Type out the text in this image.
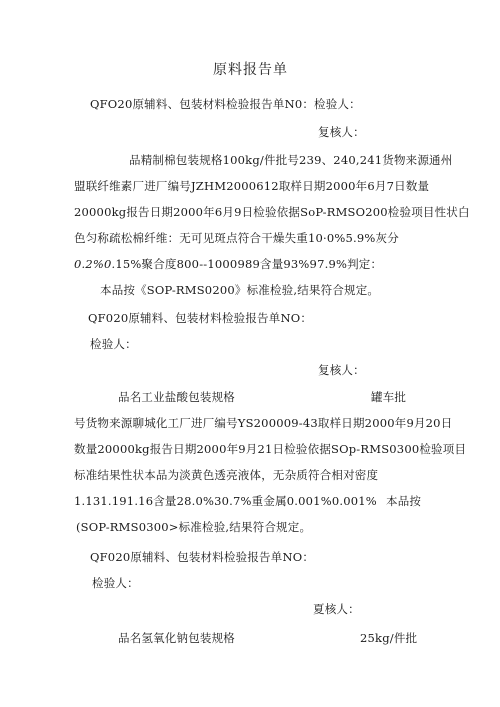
原料报告单
QFO20原辅料、包装材料检验报告单N0：检验人：
复核人：
品精制棉包装规格100kg/件批号239、240,241货物来源通州
盟联纤维素厂进厂编号JZHM2000612取样日期2000年6月7日数量
20000kg报告日期2000年6月9日检验依据SoP-RMSO200检验项目性状白
色匀称疏松棉纤维：无可见斑点符合干燥失重10·0%5.9%灰分
0.2%0.15%聚合度800--1000989含量93%97.9%判定：
本品按《SOP-RMS0200》标准检验,结果符合规定。
QF020原辅料、包装材料检验报告单NO：
检验人：
复核人：
品名工业盐酸包装规格	罐车批
号货物来源聊城化工厂进厂编号YS200009-43取样日期2000年9月20日
数量20000kg报告日期2000年9月21日检验依据SOp-RMS0300检验项目
标准结果性状本品为淡黄色透亮液体，无杂质符合相对密度
1.131.191.16含量28.0%30.7%重金属0.001%0.001% 本品按
(SOP-RMS0300>标准检验,结果符合规定。
QF020原辅料、包装材料检验报告单NO：
检验人：
夏核人：
品名氢氧化钠包装规格	25kg/件批
